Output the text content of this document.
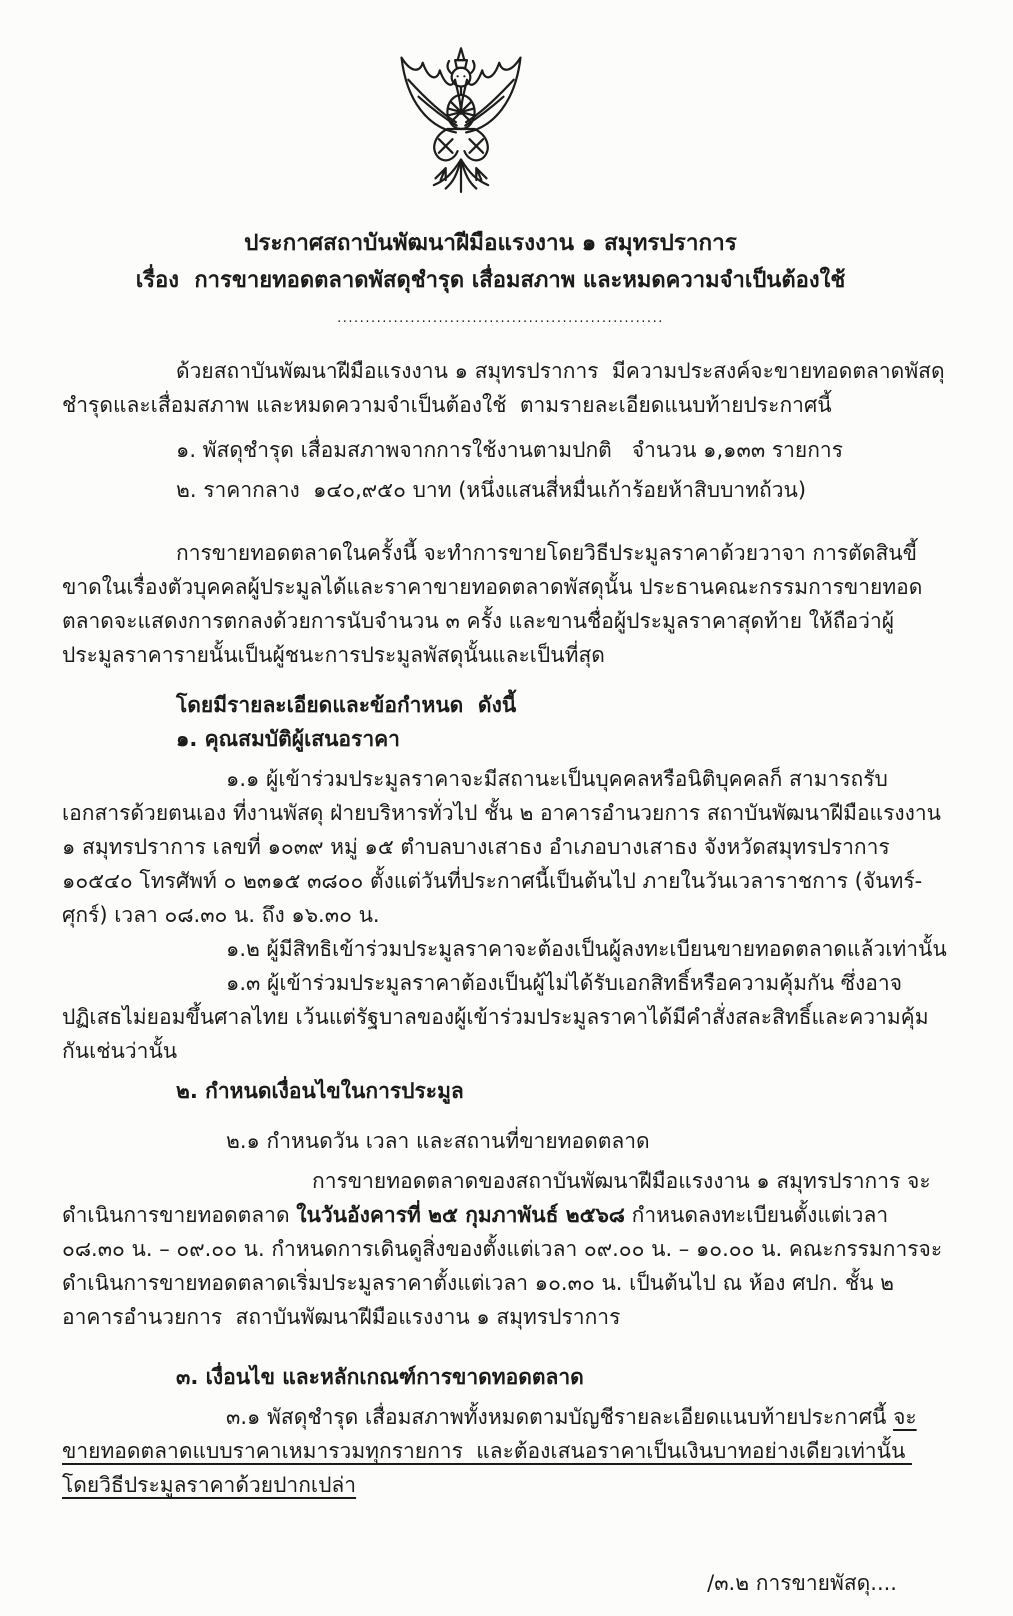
ประกาศสถาบันพัฒนาฝีมือแรงงาน ๑ สมุทรปราการ

เรื่อง  การขายทอดตลาดพัสดุชำรุด เสื่อมสภาพ และหมดความจำเป็นต้องใช้

..........................................................

ด้วยสถาบันพัฒนาฝีมือแรงงาน ๑ สมุทรปราการ  มีความประสงค์จะขายทอดตลาดพัสดุชำรุดและเสื่อมสภาพ และหมดความจำเป็นต้องใช้  ตามรายละเอียดแนบท้ายประกาศนี้

๑. พัสดุชำรุด เสื่อมสภาพจากการใช้งานตามปกติ   จำนวน ๑,๑๓๓ รายการ

๒. ราคากลาง  ๑๔๐,๙๕๐ บาท (หนึ่งแสนสี่หมื่นเก้าร้อยห้าสิบบาทถ้วน)

การขายทอดตลาดในครั้งนี้ จะทำการขายโดยวิธีประมูลราคาด้วยวาจา การตัดสินขี้ขาดในเรื่องตัวบุคคลผู้ประมูลได้และราคาขายทอดตลาดพัสดุนั้น ประธานคณะกรรมการขายทอดตลาดจะแสดงการตกลงด้วยการนับจำนวน ๓ ครั้ง และขานชื่อผู้ประมูลราคาสุดท้าย ให้ถือว่าผู้ประมูลราคารายนั้นเป็นผู้ชนะการประมูลพัสดุนั้นและเป็นที่สุด

โดยมีรายละเอียดและข้อกำหนด  ดังนี้

๑. คุณสมบัติผู้เสนอราคา

๑.๑ ผู้เข้าร่วมประมูลราคาจะมีสถานะเป็นบุคคลหรือนิติบุคคลก็ สามารถรับเอกสารด้วยตนเอง ที่งานพัสดุ ฝ่ายบริหารทั่วไป ชั้น ๒ อาคารอำนวยการ สถาบันพัฒนาฝีมือแรงงาน ๑ สมุทรปราการ เลขที่ ๑๐๓๙ หมู่ ๑๕ ตำบลบางเสาธง อำเภอบางเสาธง จังหวัดสมุทรปราการ ๑๐๕๔๐ โทรศัพท์ ๐ ๒๓๑๕ ๓๘๐๐ ตั้งแต่วันที่ประกาศนี้เป็นต้นไป ภายในวันเวลาราชการ (จันทร์-ศุกร์) เวลา ๐๘.๓๐ น. ถึง ๑๖.๓๐ น.

๑.๒ ผู้มีสิทธิเข้าร่วมประมูลราคาจะต้องเป็นผู้ลงทะเบียนขายทอดตลาดแล้วเท่านั้น

๑.๓ ผู้เข้าร่วมประมูลราคาต้องเป็นผู้ไม่ได้รับเอกสิทธิ์หรือความคุ้มกัน ซึ่งอาจปฏิเสธไม่ยอมขึ้นศาลไทย เว้นแต่รัฐบาลของผู้เข้าร่วมประมูลราคาได้มีคำสั่งสละสิทธิ์และความคุ้มกันเช่นว่านั้น

๒. กำหนดเงื่อนไขในการประมูล

๒.๑ กำหนดวัน เวลา และสถานที่ขายทอดตลาด

การขายทอดตลาดของสถาบันพัฒนาฝีมือแรงงาน ๑ สมุทรปราการ จะดำเนินการขายทอดตลาด ในวันอังคารที่ ๒๕ กุมภาพันธ์ ๒๕๖๘ กำหนดลงทะเบียนตั้งแต่เวลา ๐๘.๓๐ น. – ๐๙.๐๐ น. กำหนดการเดินดูสิ่งของตั้งแต่เวลา ๐๙.๐๐ น. – ๑๐.๐๐ น. คณะกรรมการจะดำเนินการขายทอดตลาดเริ่มประมูลราคาตั้งแต่เวลา ๑๐.๓๐ น. เป็นต้นไป ณ ห้อง ศปก. ชั้น ๒  อาคารอำนวยการ  สถาบันพัฒนาฝีมือแรงงาน ๑ สมุทรปราการ

๓. เงื่อนไข และหลักเกณฑ์การขาดทอดตลาด

๓.๑ พัสดุชำรุด เสื่อมสภาพทั้งหมดตามบัญชีรายละเอียดแนบท้ายประกาศนี้ จะขายทอดตลาดแบบราคาเหมารวมทุกรายการ  และต้องเสนอราคาเป็นเงินบาทอย่างเดียวเท่านั้น  โดยวิธีประมูลราคาด้วยปากเปล่า

/๓.๒ การขายพัสดุ....
